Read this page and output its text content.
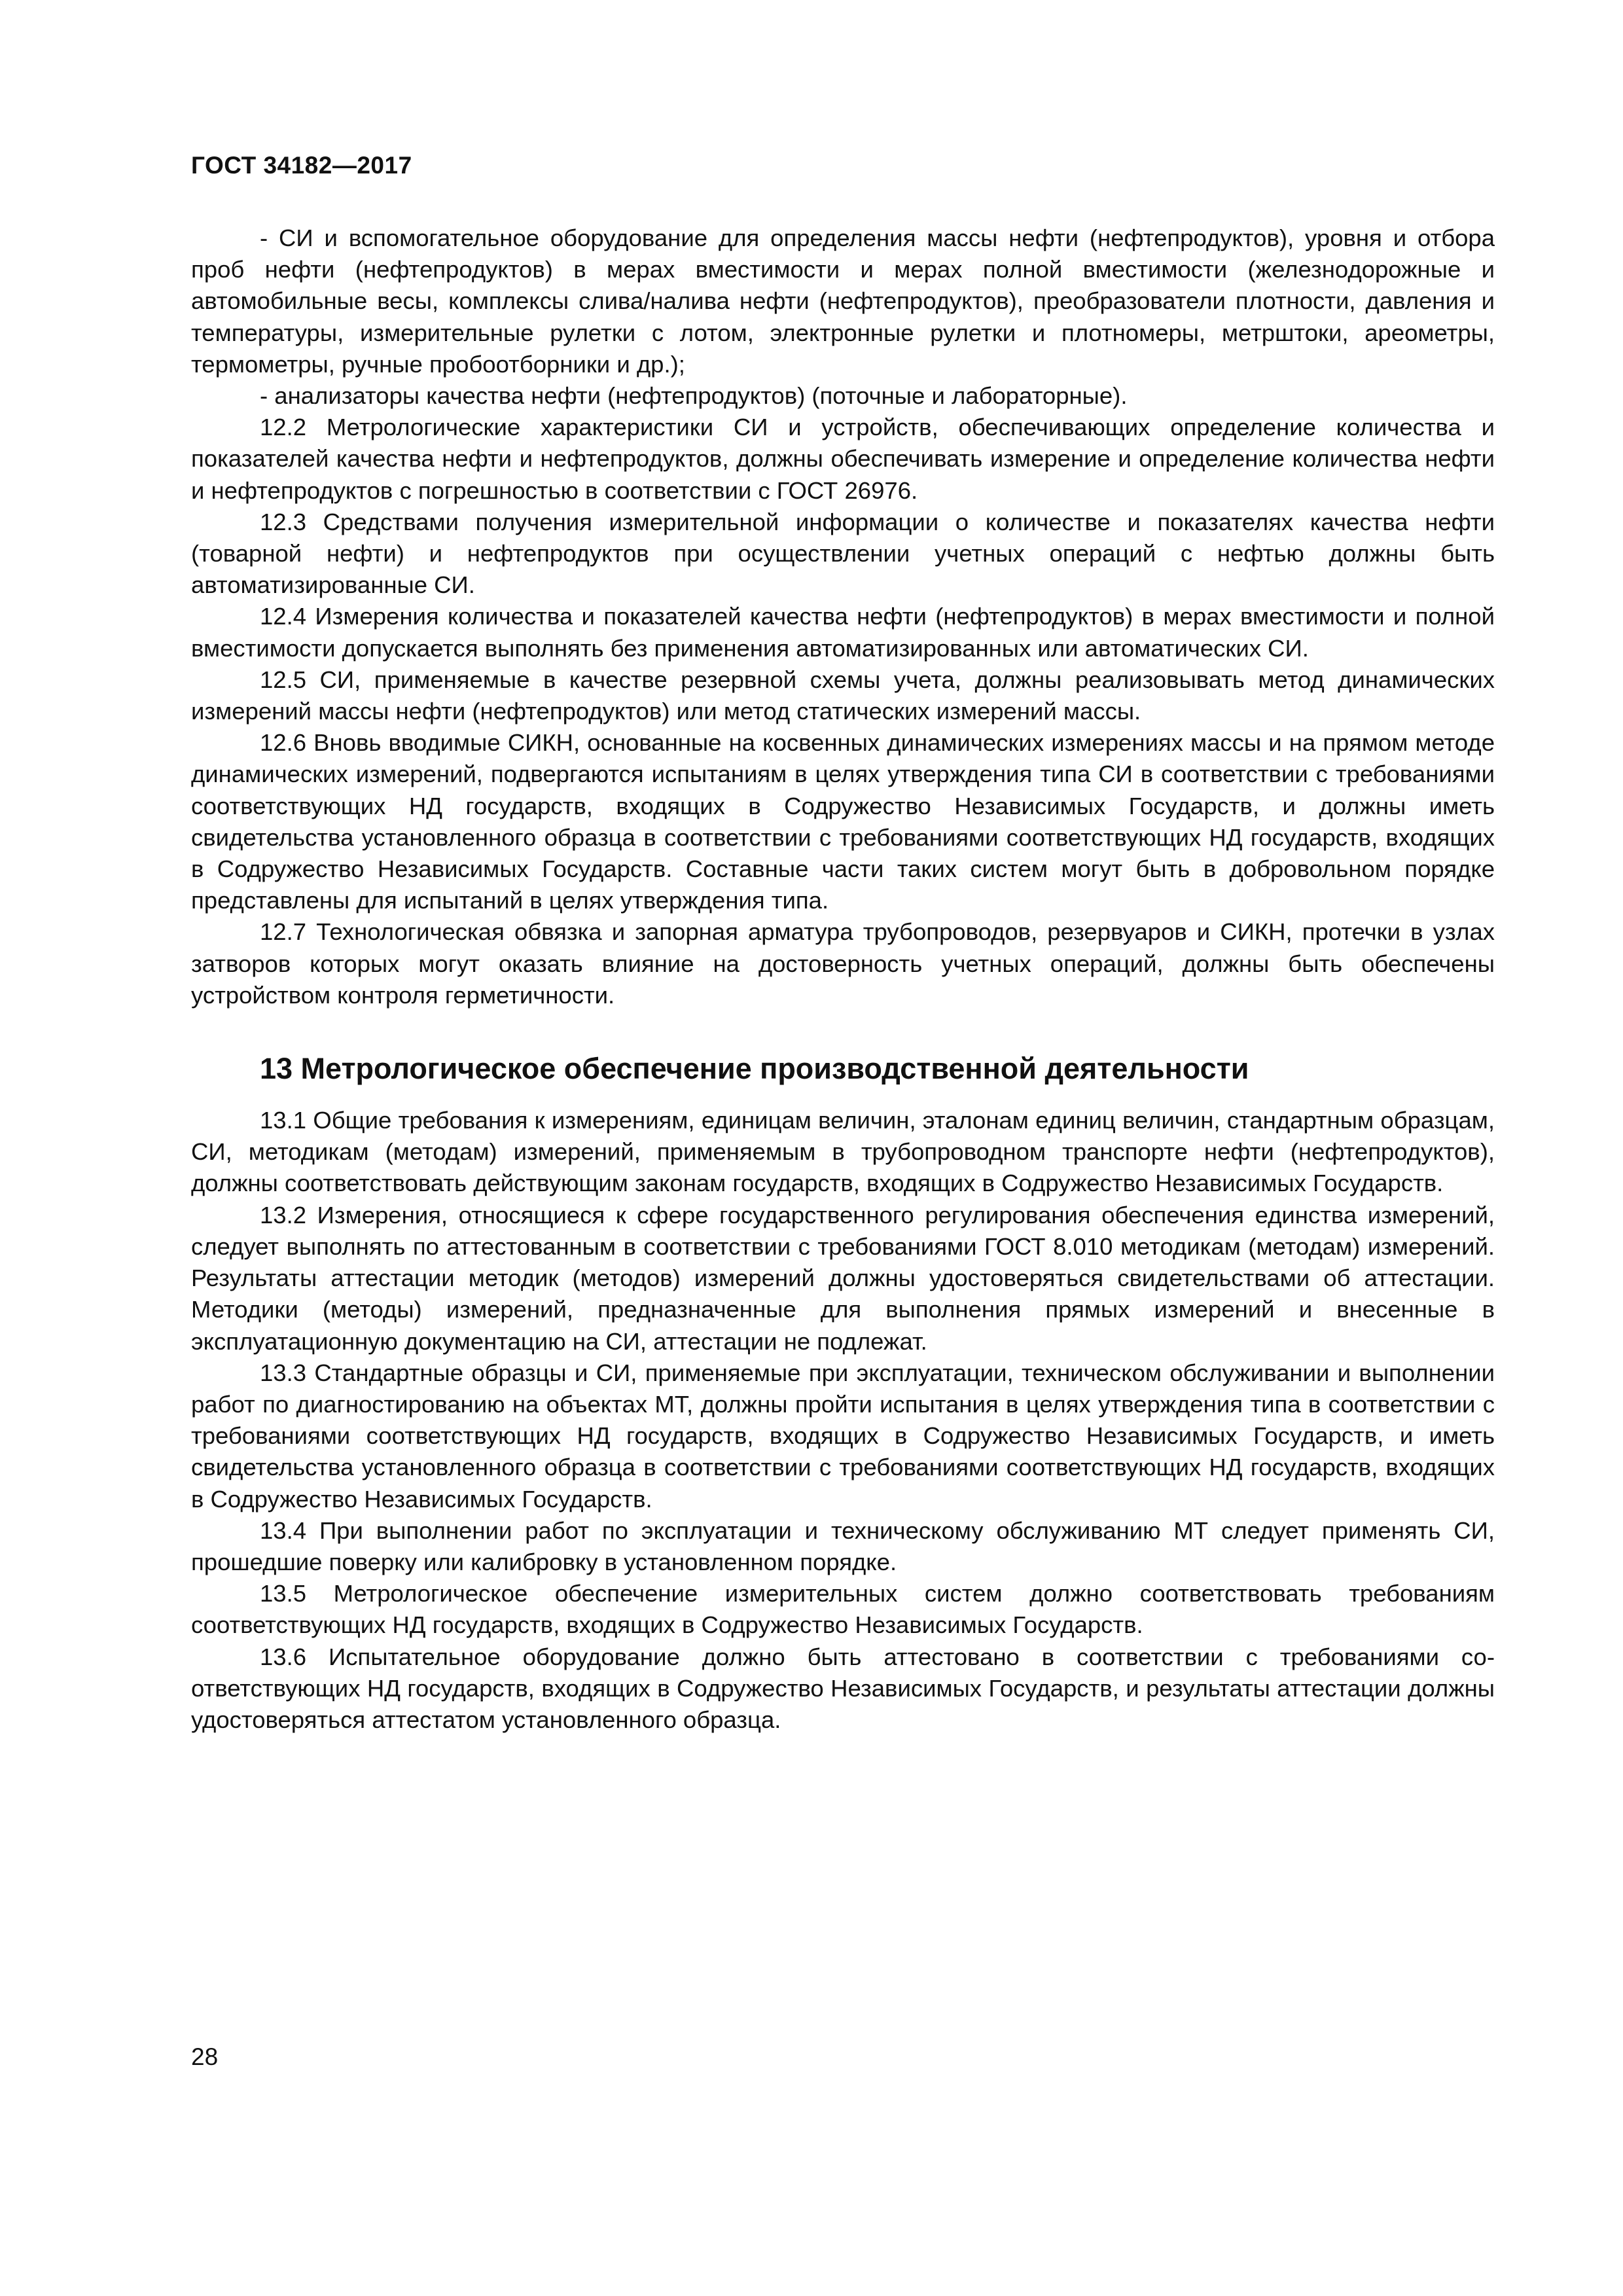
ГОСТ 34182—2017

- СИ и вспомогательное оборудование для определения массы нефти (нефтепродуктов), уровня и отбора проб нефти (нефтепродуктов) в мерах вместимости и мерах полной вместимости (железнодорожные и автомобильные весы, комплексы слива/налива нефти (нефтепродуктов), преобразователи плотности, давления и температуры, измерительные рулетки с лотом, электронные рулетки и плотномеры, метрштоки, ареометры, термометры, ручные пробоотборники и др.);

- анализаторы качества нефти (нефтепродуктов) (поточные и лабораторные).

12.2 Метрологические характеристики СИ и устройств, обеспечивающих определение количества и показателей качества нефти и нефтепродуктов, должны обеспечивать измерение и определение количества нефти и нефтепродуктов с погрешностью в соответствии с ГОСТ 26976.

12.3 Средствами получения измерительной информации о количестве и показателях качества нефти (товарной нефти) и нефтепродуктов при осуществлении учетных операций с нефтью должны быть автоматизированные СИ.

12.4 Измерения количества и показателей качества нефти (нефтепродуктов) в мерах вместимости и полной вместимости допускается выполнять без применения автоматизированных или автоматических СИ.

12.5 СИ, применяемые в качестве резервной схемы учета, должны реализовывать метод динамических измерений массы нефти (нефтепродуктов) или метод статических измерений массы.

12.6 Вновь вводимые СИКН, основанные на косвенных динамических измерениях массы и на прямом методе динамических измерений, подвергаются испытаниям в целях утверждения типа СИ в соответствии с требованиями соответствующих НД государств, входящих в Содружество Независимых Государств, и должны иметь свидетельства установленного образца в соответствии с требованиями соответствующих НД государств, входящих в Содружество Независимых Государств. Составные части таких систем могут быть в добровольном порядке представлены для испытаний в целях утверждения типа.

12.7 Технологическая обвязка и запорная арматура трубопроводов, резервуаров и СИКН, протечки в узлах затворов которых могут оказать влияние на достоверность учетных операций, должны быть обеспечены устройством контроля герметичности.

13 Метрологическое обеспечение производственной деятельности

13.1 Общие требования к измерениям, единицам величин, эталонам единиц величин, стандартным образцам, СИ, методикам (методам) измерений, применяемым в трубопроводном транспорте нефти (нефтепродуктов), должны соответствовать действующим законам государств, входящих в Содружество Независимых Государств.

13.2 Измерения, относящиеся к сфере государственного регулирования обеспечения единства измерений, следует выполнять по аттестованным в соответствии с требованиями ГОСТ 8.010 методикам (методам) измерений. Результаты аттестации методик (методов) измерений должны удостоверяться свидетельствами об аттестации. Методики (методы) измерений, предназначенные для выполнения прямых измерений и внесенные в эксплуатационную документацию на СИ, аттестации не подлежат.

13.3 Стандартные образцы и СИ, применяемые при эксплуатации, техническом обслуживании и выполнении работ по диагностированию на объектах МТ, должны пройти испытания в целях утверждения типа в соответствии с требованиями соответствующих НД государств, входящих в Содружество Независимых Государств, и иметь свидетельства установленного образца в соответствии с требованиями соответствующих НД государств, входящих в Содружество Независимых Государств.

13.4 При выполнении работ по эксплуатации и техническому обслуживанию МТ следует применять СИ, прошедшие поверку или калибровку в установленном порядке.

13.5 Метрологическое обеспечение измерительных систем должно соответствовать требованиям соответствующих НД государств, входящих в Содружество Независимых Государств.

13.6 Испытательное оборудование должно быть аттестовано в соответствии с требованиями соответствующих НД государств, входящих в Содружество Независимых Государств, и результаты аттестации должны удостоверяться аттестатом установленного образца.

28
